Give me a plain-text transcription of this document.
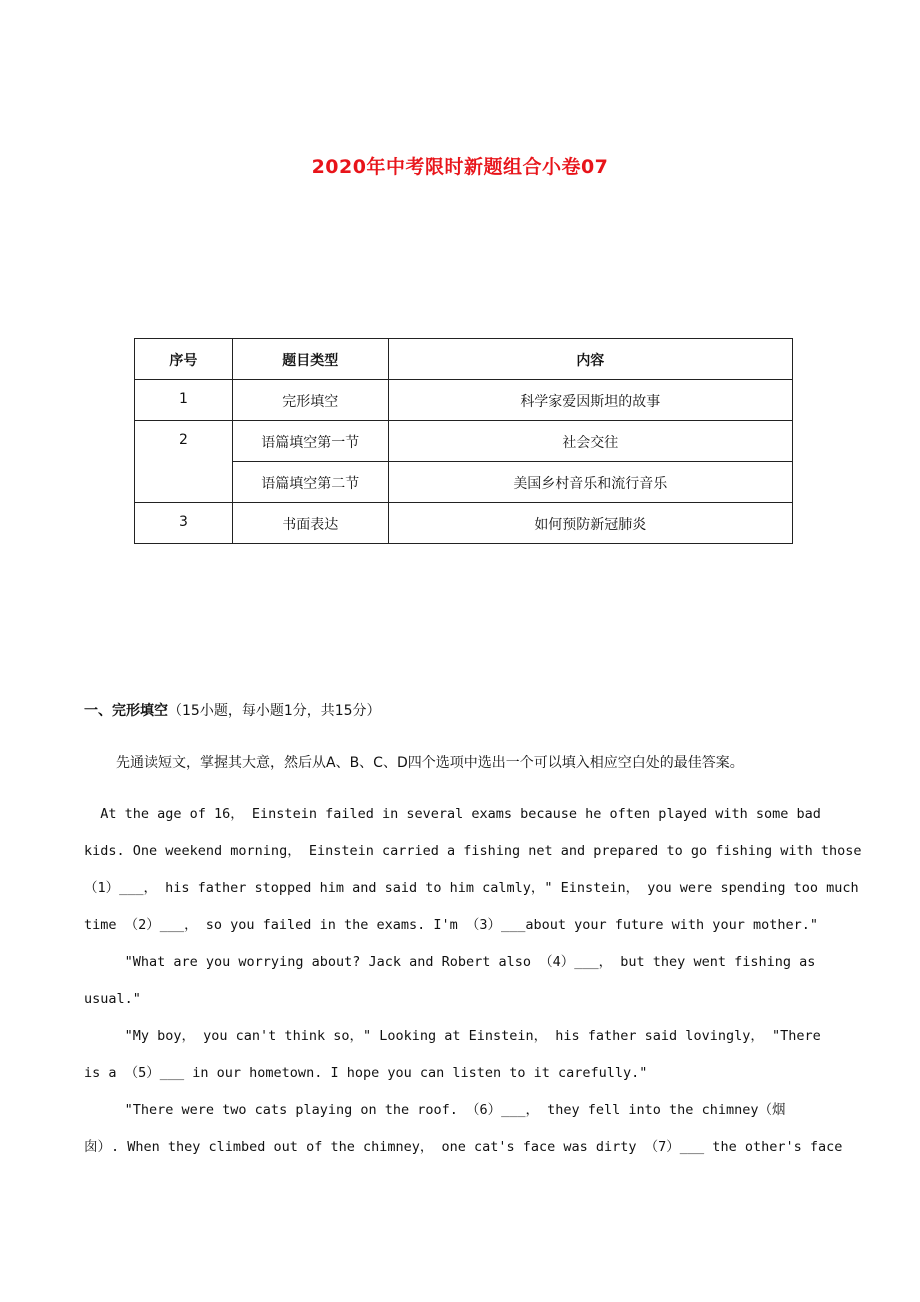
2020年中考限时新题组合小卷07
序号	题目类型	内容
1	完形填空	科学家爱因斯坦的故事
2	语篇填空第一节	社会交往
	语篇填空第二节	美国乡村音乐和流行音乐
3	书面表达	如何预防新冠肺炎
一、完形填空（15小题，每小题1分，共15分）
先通读短文，掌握其大意，然后从A、B、C、D四个选项中选出一个可以填入相应空白处的最佳答案。
At the age of 16， Einstein failed in several exams because he often played with some bad
kids. One weekend morning， Einstein carried a fishing net and prepared to go fishing with those
（1）___， his father stopped him and said to him calmly，" Einstein， you were spending too much
time （2）___， so you failed in the exams. I'm （3）___about your future with your mother."
"What are you worrying about? Jack and Robert also （4）___， but they went fishing as
usual."
"My boy， you can't think so，" Looking at Einstein， his father said lovingly， "There
is a （5）___ in our hometown. I hope you can listen to it carefully."
"There were two cats playing on the roof. （6）___， they fell into the chimney（烟
囱）. When they climbed out of the chimney， one cat's face was dirty （7）___ the other's face
